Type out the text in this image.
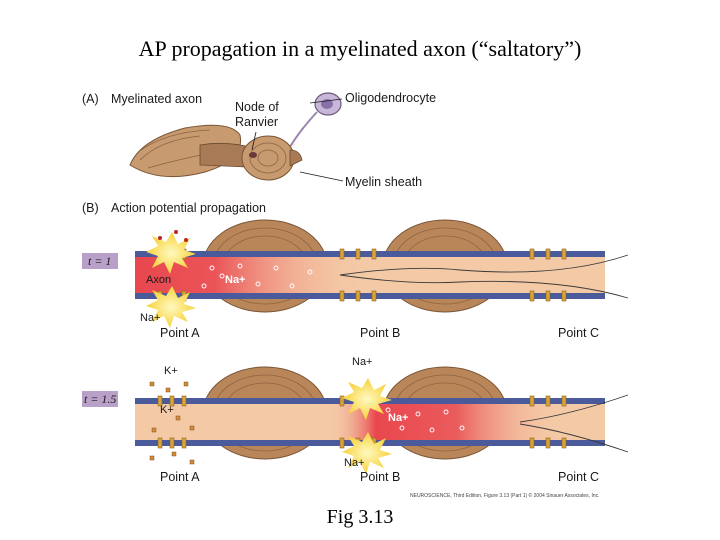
AP propagation in a myelinated axon (“saltatory”)
(A) Myelinated axon
Node of
Ranvier
Oligodendrocyte
Myelin sheath
(B) Action potential propagation
t = 1
Axon	Na+
Na+
Point A	Point B	Point C
t = 1.5
K+
K+
Na+
Na+
Na+
Point A	Point B	Point C
NEUROSCIENCE, Third Edition, Figure 3.13 (Part 1) © 2004 Sinauer Associates, Inc.
Fig 3.13
